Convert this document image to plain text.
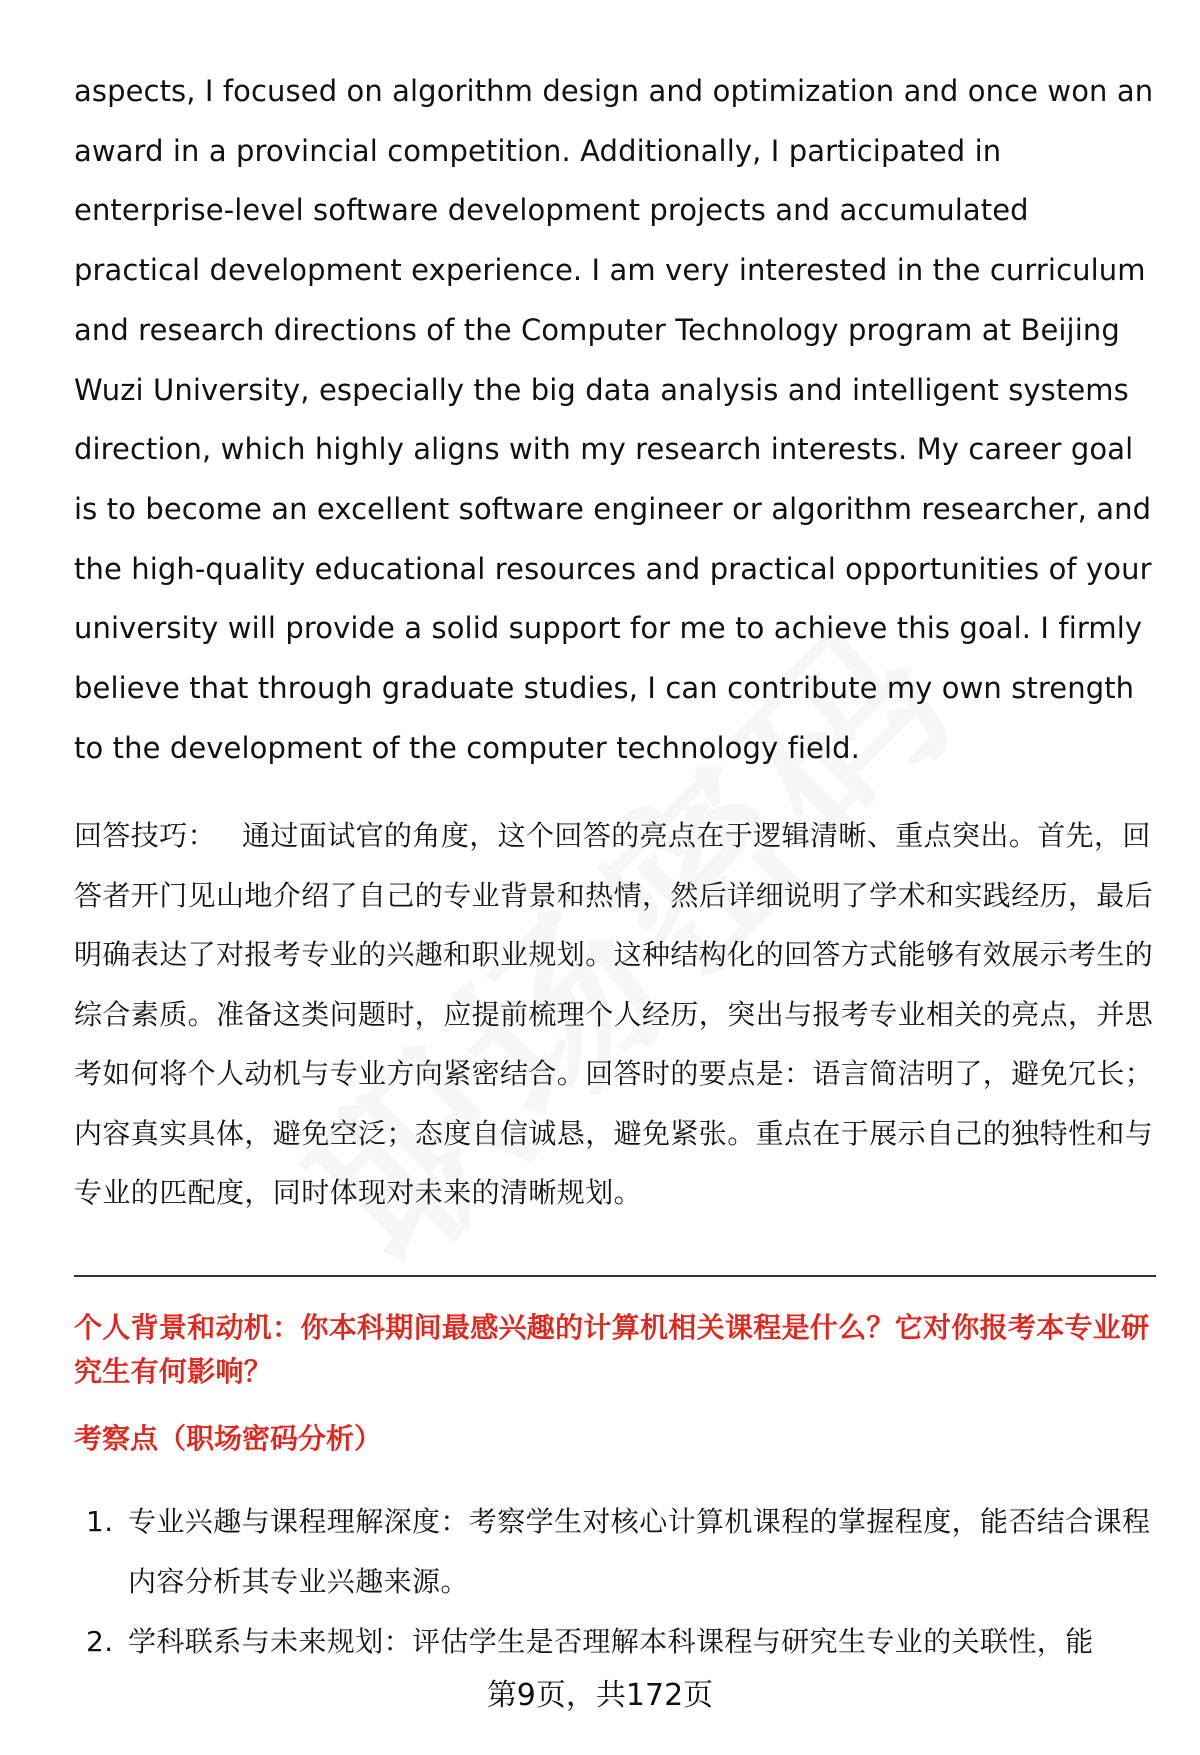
aspects, I focused on algorithm design and optimization and once won an award in a provincial competition. Additionally, I participated in enterprise-level software development projects and accumulated practical development experience. I am very interested in the curriculum and research directions of the Computer Technology program at Beijing Wuzi University, especially the big data analysis and intelligent systems direction, which highly aligns with my research interests. My career goal is to become an excellent software engineer or algorithm researcher, and the high-quality educational resources and practical opportunities of your university will provide a solid support for me to achieve this goal. I firmly believe that through graduate studies, I can contribute my own strength to the development of the computer technology field.

回答技巧： 通过面试官的角度，这个回答的亮点在于逻辑清晰、重点突出。首先，回答者开门见山地介绍了自己的专业背景和热情，然后详细说明了学术和实践经历，最后明确表达了对报考专业的兴趣和职业规划。这种结构化的回答方式能够有效展示考生的综合素质。准备这类问题时，应提前梳理个人经历，突出与报考专业相关的亮点，并思考如何将个人动机与专业方向紧密结合。回答时的要点是：语言简洁明了，避免冗长；内容真实具体，避免空泛；态度自信诚恳，避免紧张。重点在于展示自己的独特性和与专业的匹配度，同时体现对未来的清晰规划。
个人背景和动机：你本科期间最感兴趣的计算机相关课程是什么？它对你报考本专业研究生有何影响？
考察点（职场密码分析）
1. 专业兴趣与课程理解深度：考察学生对核心计算机课程的掌握程度，能否结合课程内容分析其专业兴趣来源。
2. 学科联系与未来规划：评估学生是否理解本科课程与研究生专业的关联性，能
第9页，共172页
